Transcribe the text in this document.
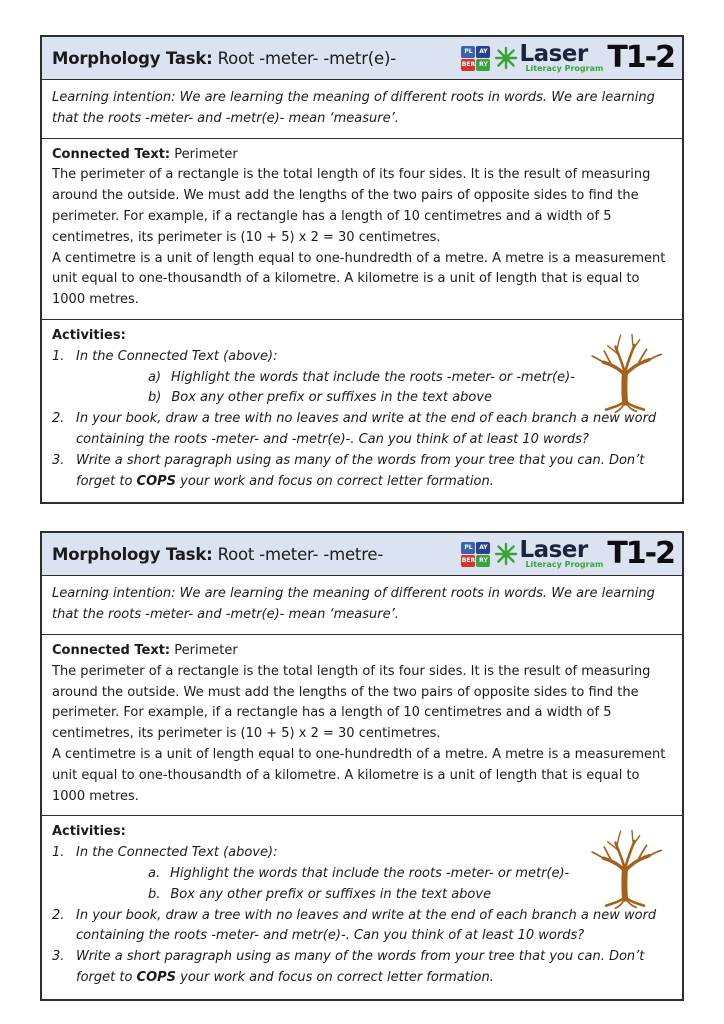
Morphology Task: Root -meter- -metr(e)-	PL	AY
BER RY Laser
Literacy Program T1-2
Learning intention: We are learning the meaning of different roots in words. We are learning that the roots -meter- and -metr(e)- mean ‘measure’.
Connected Text: Perimeter
The perimeter of a rectangle is the total length of its four sides. It is the result of measuring around the outside. We must add the lengths of the two pairs of opposite sides to find the perimeter. For example, if a rectangle has a length of 10 centimetres and a width of 5 centimetres, its perimeter is (10 + 5) x 2 = 30 centimetres.
A centimetre is a unit of length equal to one-hundredth of a metre. A metre is a measurement unit equal to one-thousandth of a kilometre. A kilometre is a unit of length that is equal to 1000 metres.
Activities:
1. In the Connected Text (above):
a) Highlight the words that include the roots -meter- or -metr(e)-
b) Box any other prefix or suffixes in the text above
2. In your book, draw a tree with no leaves and write at the end of each branch a new word containing the roots -meter- and -metr(e)-. Can you think of at least 10 words?
3. Write a short paragraph using as many of the words from your tree that you can. Don’t forget to COPS your work and focus on correct letter formation.
Morphology Task: Root -meter- -metre-	PL	AY
BER RY Laser
Literacy Program T1-2
Learning intention: We are learning the meaning of different roots in words. We are learning that the roots -meter- and -metr(e)- mean ‘measure’.
Connected Text: Perimeter
The perimeter of a rectangle is the total length of its four sides. It is the result of measuring around the outside. We must add the lengths of the two pairs of opposite sides to find the perimeter. For example, if a rectangle has a length of 10 centimetres and a width of 5 centimetres, its perimeter is (10 + 5) x 2 = 30 centimetres.
A centimetre is a unit of length equal to one-hundredth of a metre. A metre is a measurement unit equal to one-thousandth of a kilometre. A kilometre is a unit of length that is equal to 1000 metres.
Activities:
1. In the Connected Text (above):
a. Highlight the words that include the roots -meter- or metr(e)-
b. Box any other prefix or suffixes in the text above
2. In your book, draw a tree with no leaves and write at the end of each branch a new word containing the roots -meter- and metr(e)-. Can you think of at least 10 words?
3. Write a short paragraph using as many of the words from your tree that you can. Don’t forget to COPS your work and focus on correct letter formation.
